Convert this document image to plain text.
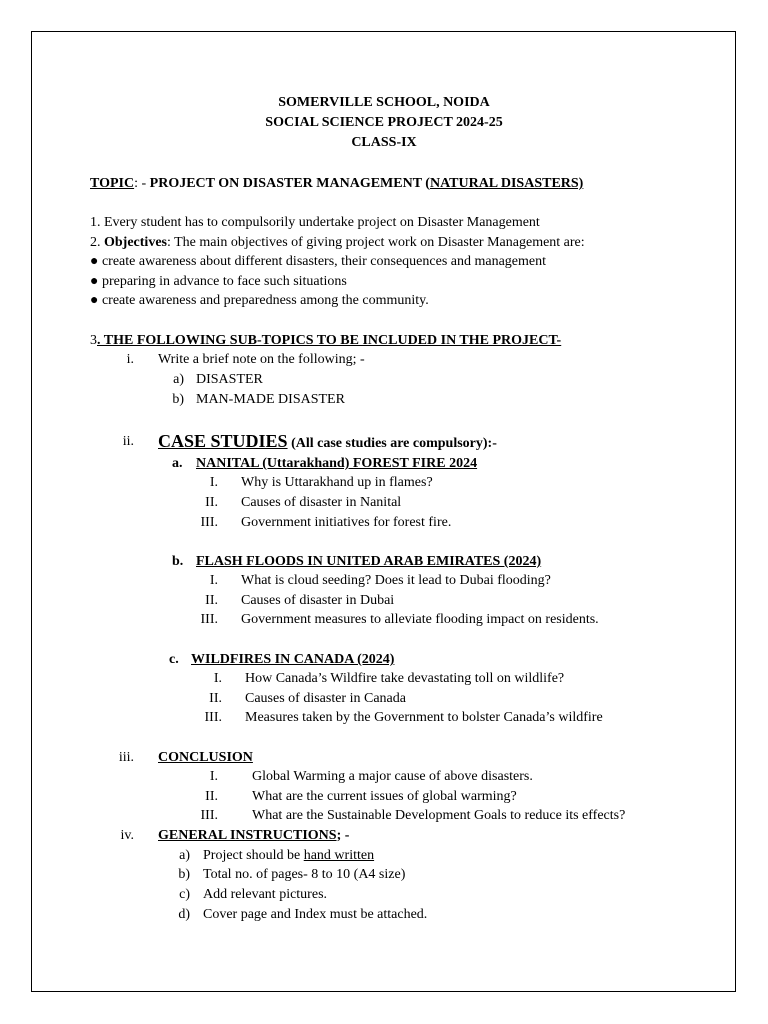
SOMERVILLE SCHOOL, NOIDA
SOCIAL SCIENCE PROJECT 2024-25
CLASS-IX
TOPIC: - PROJECT ON DISASTER MANAGEMENT (NATURAL DISASTERS)
1. Every student has to compulsorily undertake project on Disaster Management
2. Objectives: The main objectives of giving project work on Disaster Management are:
● create awareness about different disasters, their consequences and management
● preparing in advance to face such situations
● create awareness and preparedness among the community.
3. THE FOLLOWING SUB-TOPICS TO BE INCLUDED IN THE PROJECT-
i. Write a brief note on the following; -
a) DISASTER
b) MAN-MADE DISASTER
ii. CASE STUDIES (All case studies are compulsory):-
a. NANITAL (Uttarakhand) FOREST FIRE 2024
I. Why is Uttarakhand up in flames?
II. Causes of disaster in Nanital
III. Government initiatives for forest fire.
b. FLASH FLOODS IN UNITED ARAB EMIRATES (2024)
I. What is cloud seeding? Does it lead to Dubai flooding?
II. Causes of disaster in Dubai
III. Government measures to alleviate flooding impact on residents.
c. WILDFIRES IN CANADA (2024)
I. How Canada’s Wildfire take devastating toll on wildlife?
II. Causes of disaster in Canada
III. Measures taken by the Government to bolster Canada’s wildfire
iii. CONCLUSION
I. Global Warming a major cause of above disasters.
II. What are the current issues of global warming?
III. What are the Sustainable Development Goals to reduce its effects?
iv. GENERAL INSTRUCTIONS; -
a) Project should be hand written
b) Total no. of pages- 8 to 10 (A4 size)
c) Add relevant pictures.
d) Cover page and Index must be attached.
